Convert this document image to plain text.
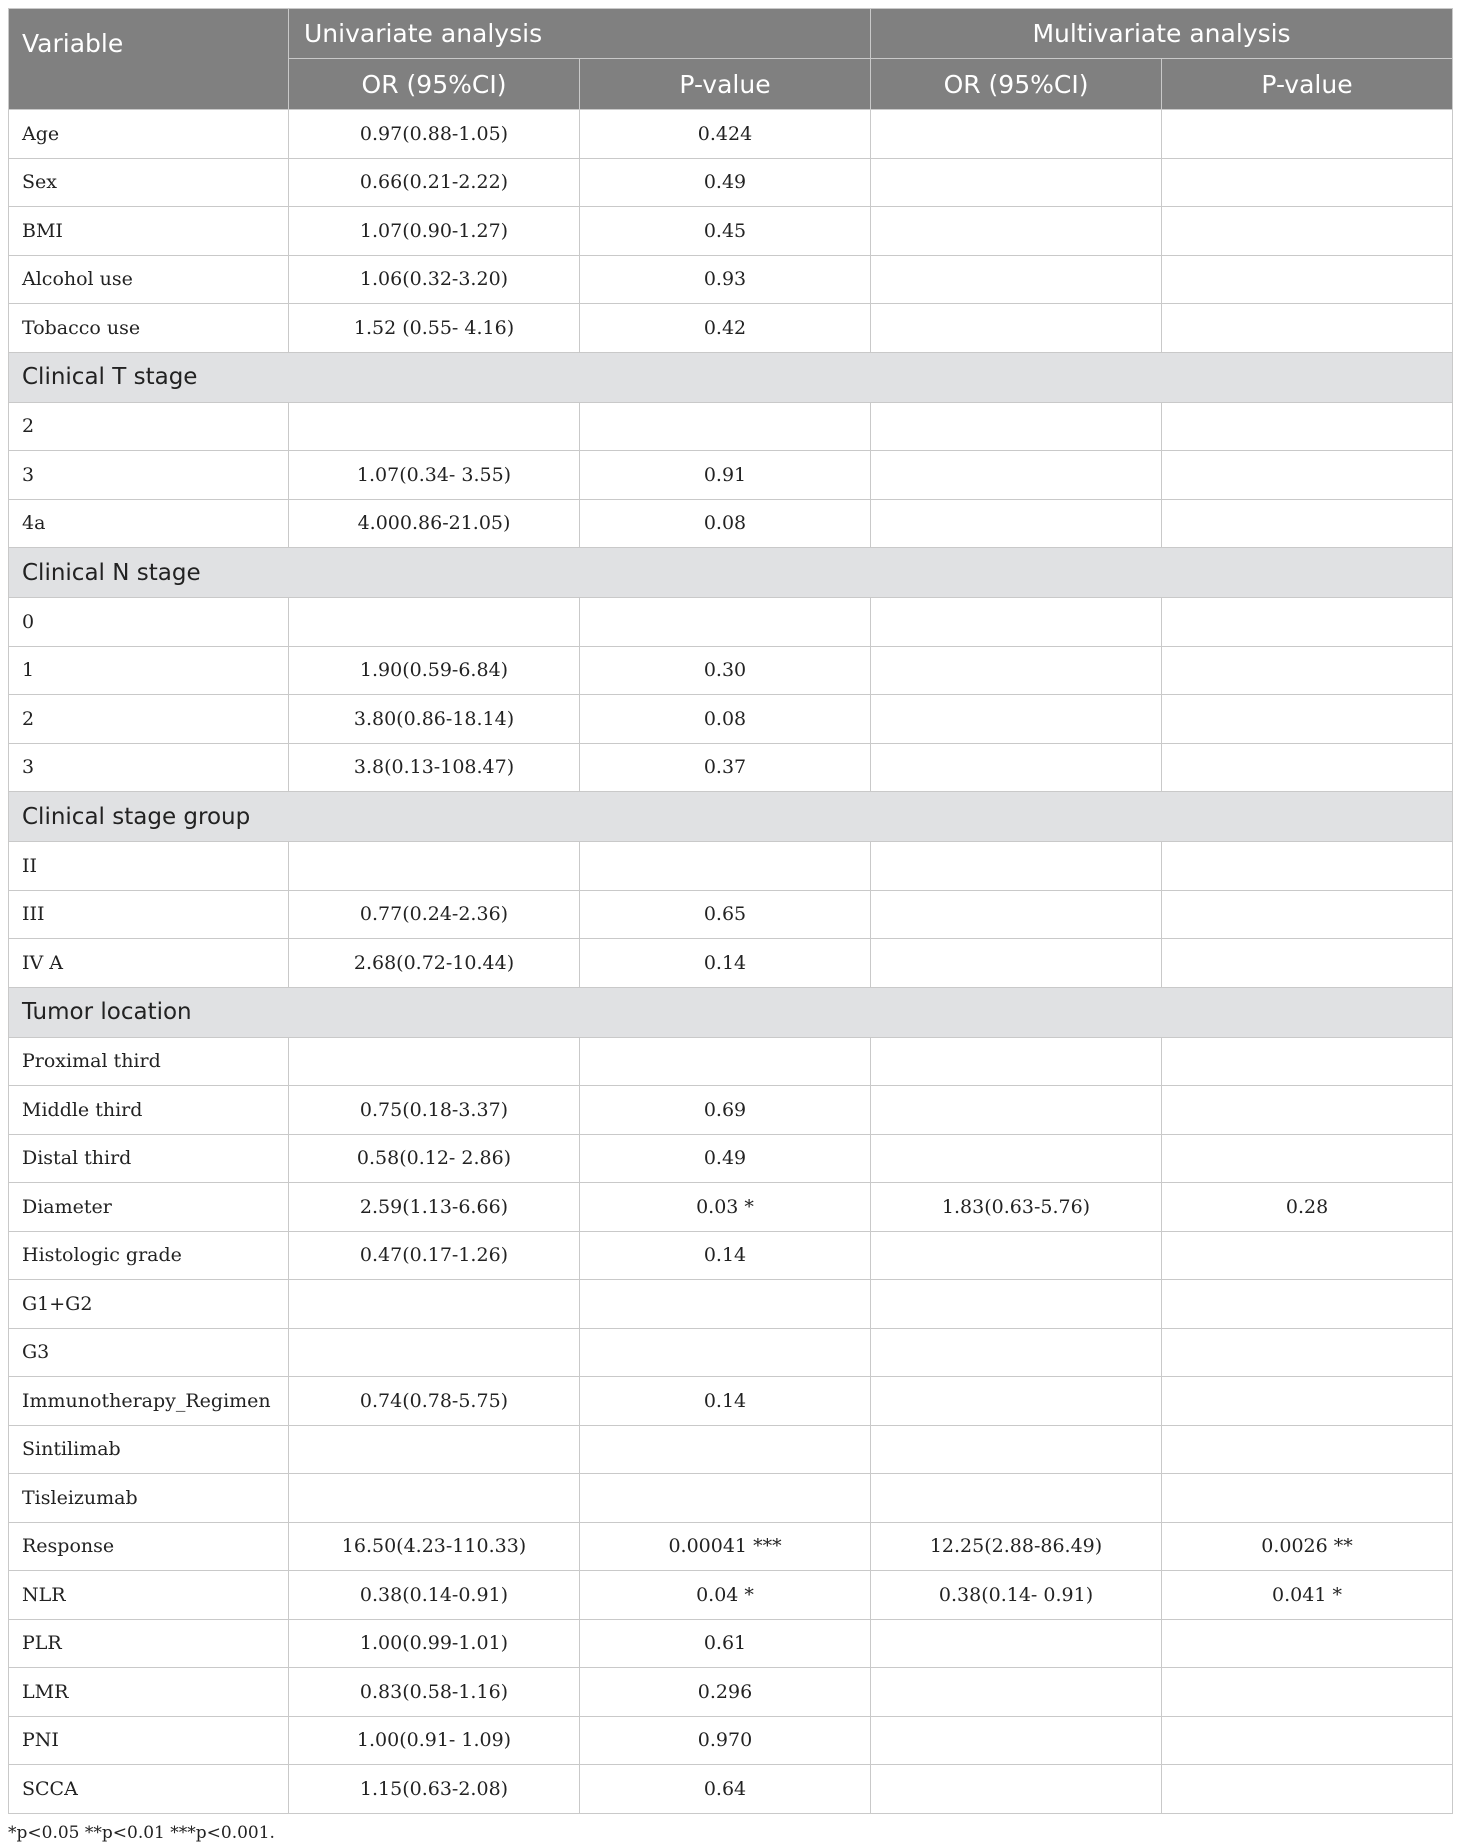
Variable	Univariate analysis		Multivariate analysis	
	OR (95%CI)	P-value	OR (95%CI)	P-value
Age	0.97(0.88-1.05)	0.424		
Sex	0.66(0.21-2.22)	0.49		
BMI	1.07(0.90-1.27)	0.45		
Alcohol use	1.06(0.32-3.20)	0.93		
Tobacco use	1.52 (0.55- 4.16)	0.42		
Clinical T stage				
2				
3	1.07(0.34- 3.55)	0.91		
4a	4.000.86-21.05)	0.08		
Clinical N stage				
0				
1	1.90(0.59-6.84)	0.30		
2	3.80(0.86-18.14)	0.08		
3	3.8(0.13-108.47)	0.37		
Clinical stage group				
II				
III	0.77(0.24-2.36)	0.65		
IV A	2.68(0.72-10.44)	0.14		
Tumor location				
Proximal third				
Middle third	0.75(0.18-3.37)	0.69		
Distal third	0.58(0.12- 2.86)	0.49		
Diameter	2.59(1.13-6.66)	0.03 *	1.83(0.63-5.76)	0.28
Histologic grade	0.47(0.17-1.26)	0.14		
G1+G2				
G3				
Immunotherapy_Regimen	0.74(0.78-5.75)	0.14		
Sintilimab				
Tisleizumab				
Response	16.50(4.23-110.33)	0.00041 ***	12.25(2.88-86.49)	0.0026 **
NLR	0.38(0.14-0.91)	0.04 *	0.38(0.14- 0.91)	0.041 *
PLR	1.00(0.99-1.01)	0.61		
LMR	0.83(0.58-1.16)	0.296		
PNI	1.00(0.91- 1.09)	0.970		
SCCA	1.15(0.63-2.08)	0.64		
*p<0.05 **p<0.01 ***p<0.001.
